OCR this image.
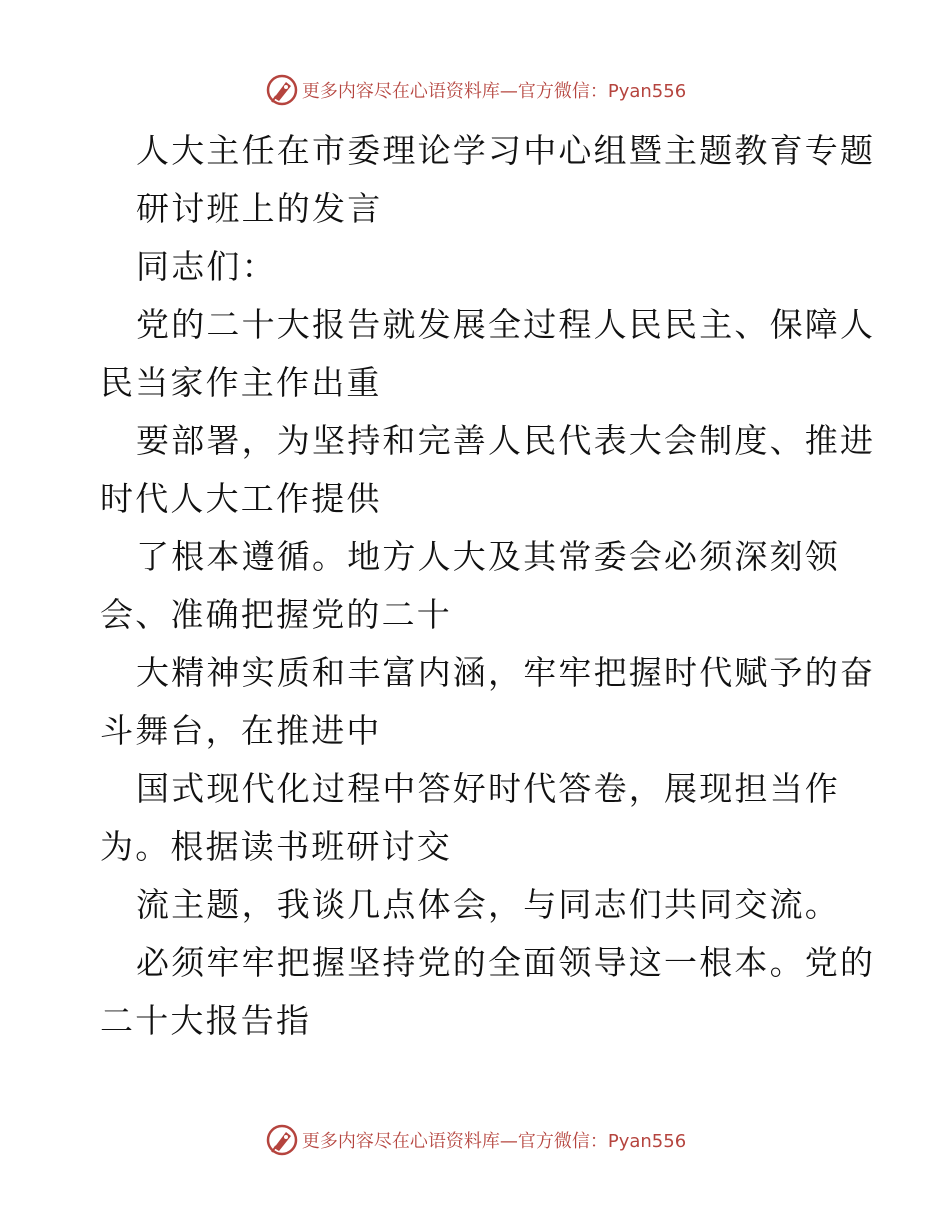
更多内容尽在心语资料库—官方微信：Pyan556
人大主任在市委理论学习中心组暨主题教育专题
研讨班上的发言
同志们：
党的二十大报告就发展全过程人民民主、保障人
民当家作主作出重
要部署，为坚持和完善人民代表大会制度、推进
时代人大工作提供
了根本遵循。地方人大及其常委会必须深刻领
会、准确把握党的二十
大精神实质和丰富内涵，牢牢把握时代赋予的奋
斗舞台，在推进中
国式现代化过程中答好时代答卷，展现担当作
为。根据读书班研讨交
流主题，我谈几点体会，与同志们共同交流。
必须牢牢把握坚持党的全面领导这一根本。党的
二十大报告指
更多内容尽在心语资料库—官方微信：Pyan556
